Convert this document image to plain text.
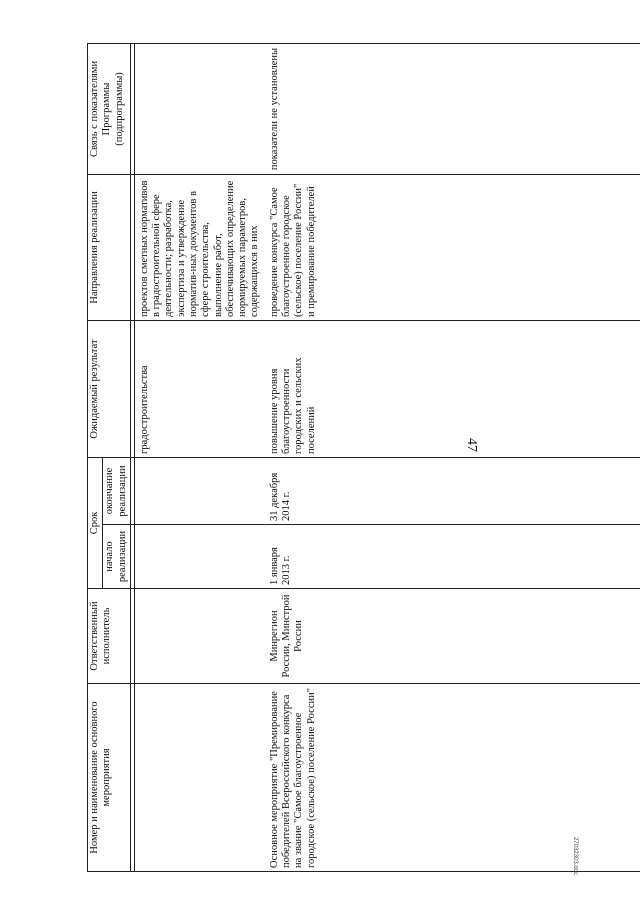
47
27032303.doc
Номер и наименование основного мероприятия	Ответственный исполнитель	Срок		Ожидаемый результат	Направления реализации	Связь с показателями Программы (подпрограммы)
		начало реализации	окончание реализации			

				градостроительства	проектов сметных нормативов в градостроительной сфере деятельности; разработка, экспертиза и утверждение норматив-ных документов в сфере строительства, выполнение работ, обеспечивающих определение нормируемых параметров, содержащихся в них	
Основное мероприятие "Премирование победителей Всероссийского конкурса на звание "Самое благоустроенное городское (сельское) поселение России"	Минрегион России, Минстрой России	1 января 2013 г.	31 декабря 2014 г.	повышение уровня благоустроенности городских и сельских поселений	проведение конкурса "Самое благоустроенное городское (сельское) поселение России" и премирование победителей	показатели не установлены
